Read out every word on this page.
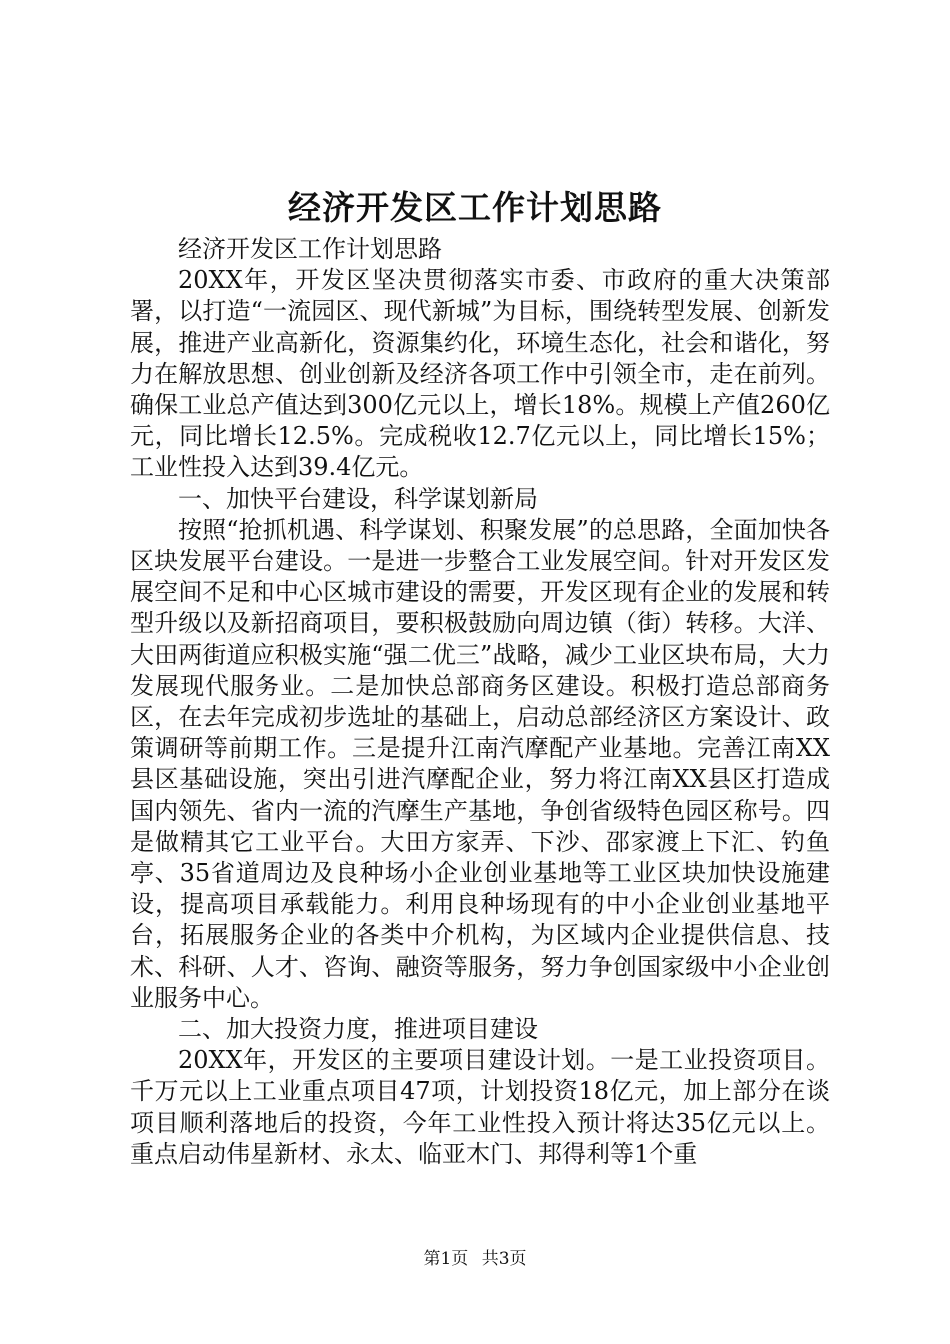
经济开发区工作计划思路

经济开发区工作计划思路

20XX年，开发区坚决贯彻落实市委、市政府的重大决策部署，以打造“一流园区、现代新城”为目标，围绕转型发展、创新发展，推进产业高新化，资源集约化，环境生态化，社会和谐化，努力在解放思想、创业创新及经济各项工作中引领全市，走在前列。确保工业总产值达到300亿元以上，增长18%。规模上产值260亿元，同比增长12.5%。完成税收12.7亿元以上，同比增长15%；工业性投入达到39.4亿元。

一、加快平台建设，科学谋划新局

按照“抢抓机遇、科学谋划、积聚发展”的总思路，全面加快各区块发展平台建设。一是进一步整合工业发展空间。针对开发区发展空间不足和中心区城市建设的需要，开发区现有企业的发展和转型升级以及新招商项目，要积极鼓励向周边镇（街）转移。大洋、大田两街道应积极实施“强二优三”战略，减少工业区块布局，大力发展现代服务业。二是加快总部商务区建设。积极打造总部商务区，在去年完成初步选址的基础上，启动总部经济区方案设计、政策调研等前期工作。三是提升江南汽摩配产业基地。完善江南XX县区基础设施，突出引进汽摩配企业，努力将江南XX县区打造成国内领先、省内一流的汽摩生产基地，争创省级特色园区称号。四是做精其它工业平台。大田方家弄、下沙、邵家渡上下汇、钓鱼亭、35省道周边及良种场小企业创业基地等工业区块加快设施建设，提高项目承载能力。利用良种场现有的中小企业创业基地平台，拓展服务企业的各类中介机构，为区域内企业提供信息、技术、科研、人才、咨询、融资等服务，努力争创国家级中小企业创业服务中心。

二、加大投资力度，推进项目建设

20XX年，开发区的主要项目建设计划。一是工业投资项目。千万元以上工业重点项目47项，计划投资18亿元，加上部分在谈项目顺利落地后的投资，今年工业性投入预计将达35亿元以上。重点启动伟星新材、永太、临亚木门、邦得利等1个重

第1页 共3页
